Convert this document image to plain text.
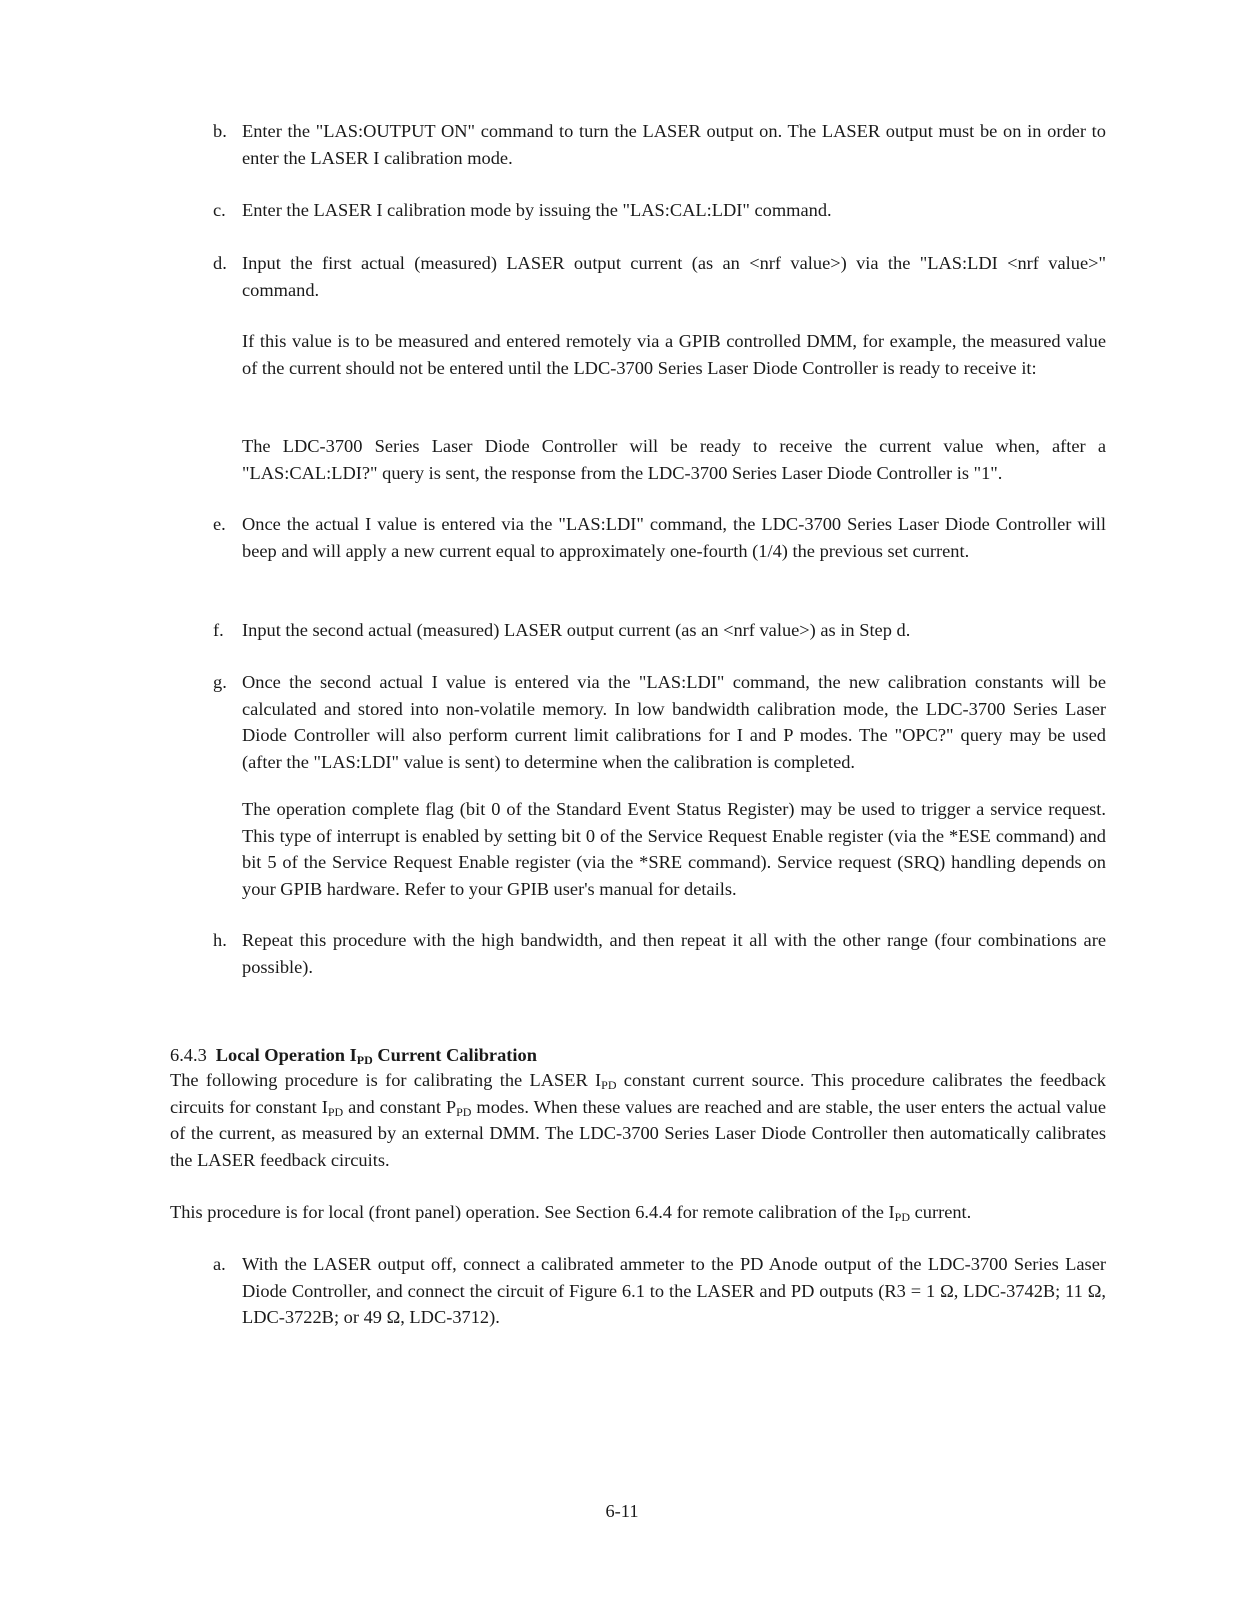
b. Enter the "LAS:OUTPUT ON" command to turn the LASER output on. The LASER output must be on in order to enter the LASER I calibration mode.
c. Enter the LASER I calibration mode by issuing the "LAS:CAL:LDI" command.
d. Input the first actual (measured) LASER output current (as an <nrf value>) via the "LAS:LDI <nrf value>" command.
If this value is to be measured and entered remotely via a GPIB controlled DMM, for example, the measured value of the current should not be entered until the LDC-3700 Series Laser Diode Controller is ready to receive it:
The LDC-3700 Series Laser Diode Controller will be ready to receive the current value when, after a "LAS:CAL:LDI?" query is sent, the response from the LDC-3700 Series Laser Diode Controller is "1".
e. Once the actual I value is entered via the "LAS:LDI" command, the LDC-3700 Series Laser Diode Controller will beep and will apply a new current equal to approximately one-fourth (1/4) the previous set current.
f. Input the second actual (measured) LASER output current (as an <nrf value>) as in Step d.
g. Once the second actual I value is entered via the "LAS:LDI" command, the new calibration constants will be calculated and stored into non-volatile memory. In low bandwidth calibration mode, the LDC-3700 Series Laser Diode Controller will also perform current limit calibrations for I and P modes. The "OPC?" query may be used (after the "LAS:LDI" value is sent) to determine when the calibration is completed.
The operation complete flag (bit 0 of the Standard Event Status Register) may be used to trigger a service request. This type of interrupt is enabled by setting bit 0 of the Service Request Enable register (via the *ESE command) and bit 5 of the Service Request Enable register (via the *SRE command). Service request (SRQ) handling depends on your GPIB hardware. Refer to your GPIB user's manual for details.
h. Repeat this procedure with the high bandwidth, and then repeat it all with the other range (four combinations are possible).
6.4.3 Local Operation $I_{PD}$ Current Calibration
The following procedure is for calibrating the LASER $I_{PD}$ constant current source. This procedure calibrates the feedback circuits for constant $I_{PD}$ and constant $P_{PD}$ modes. When these values are reached and are stable, the user enters the actual value of the current, as measured by an external DMM. The LDC-3700 Series Laser Diode Controller then automatically calibrates the LASER feedback circuits.
This procedure is for local (front panel) operation. See Section 6.4.4 for remote calibration of the $I_{PD}$ current.
a. With the LASER output off, connect a calibrated ammeter to the PD Anode output of the LDC-3700 Series Laser Diode Controller, and connect the circuit of Figure 6.1 to the LASER and PD outputs (R3 = 1 Ω, LDC-3742B; 11 Ω, LDC-3722B; or 49 Ω, LDC-3712).
6-11
